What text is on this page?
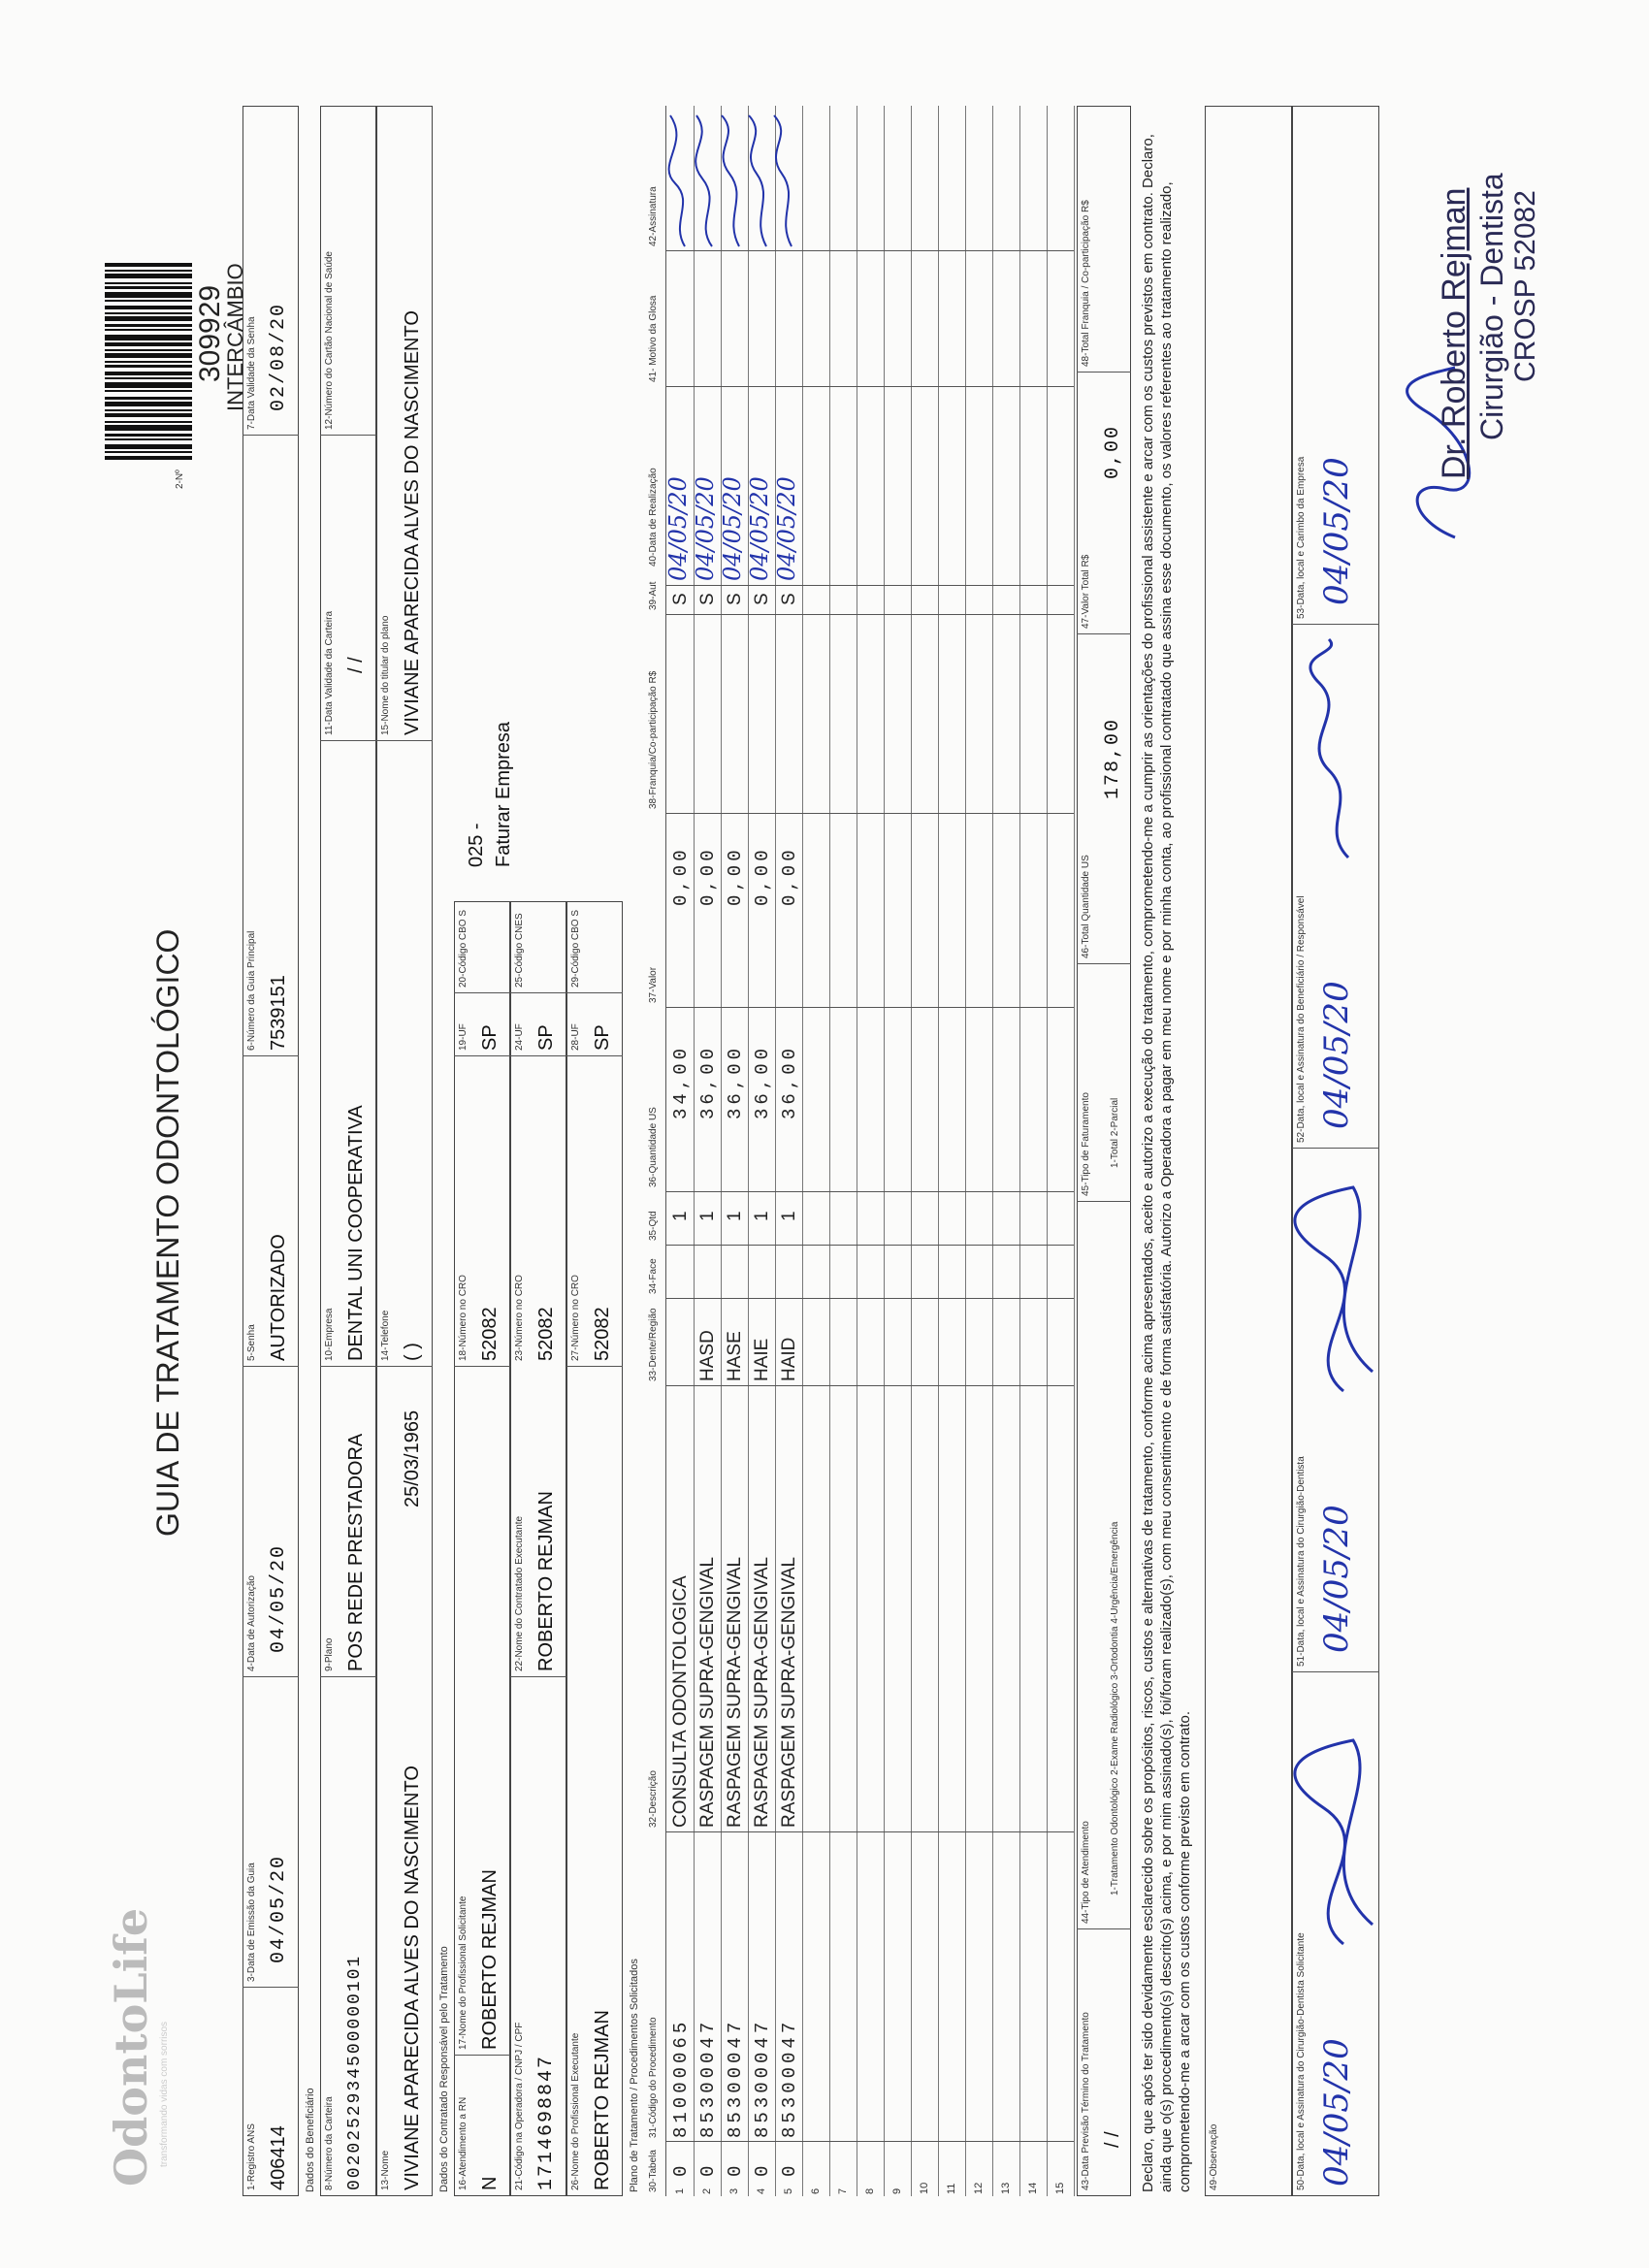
OdontoLife transformando vidas com sorrisos
GUIA DE TRATAMENTO ODONTOLÓGICO
2-Nº
309929
INTERCÂMBIO
1-Registro ANS 406414
3-Data de Emissão da Guia 04/05/20
4-Data de Autorização 04/05/20
5-Senha AUTORIZADO
6-Número da Guia Principal 7539151
7-Data Validade da Senha 02/08/20
Dados do Beneficiário 8-Número da Carteira 0020252934500000101
9-Plano POS REDE PRESTADORA
10-Empresa DENTAL UNI COOPERATIVA
11-Data Validade da Carteira / /
12-Número do Cartão Nacional de Saúde
13-Nome VIVIANE APARECIDA ALVES DO NASCIMENTO
25/03/1965
14-Telefone ( )
15-Nome do titular do plano VIVIANE APARECIDA ALVES DO NASCIMENTO
Dados do Contratado Responsável pelo Tratamento 16-Atendimento a RN N
17-Nome do Profissional Solicitante ROBERTO REJMAN
18-Número no CRO 52082
19-UF SP
20-Código CBO S
025 - Faturar Empresa
21-Código na Operadora / CNPJ / CPF 1714698847
22-Nome do Contratado Executante ROBERTO REJMAN
23-Número no CRO 52082
24-UF SP
25-Código CNES
26-Nome do Profissional Executante ROBERTO REJMAN
27-Número no CRO 52082
28-UF SP
29-Código CBO S
Plano de Tratamento / Procedimentos Solicitados 30-Tabela
31-Código do Procedimento
32-Descrição
33-Dente/Região
34-Face
35-Qtd
36-Quantidade US
37-Valor
38-Franquia/Co-participação R$
39-Aut
40-Data de Realização
41- Motivo da Glosa
42-Assinatura
1
0
81000065
CONSULTA ODONTOLOGICA
1
34,00
0,00
S
04/05/20
2
0
85300047
RASPAGEM SUPRA-GENGIVAL
HASD
1
36,00
0,00
S
04/05/20
3
0
85300047
RASPAGEM SUPRA-GENGIVAL
HASE
1
36,00
0,00
S
04/05/20
4
0
85300047
RASPAGEM SUPRA-GENGIVAL
HAIE
1
36,00
0,00
S
04/05/20
5
0
85300047
RASPAGEM SUPRA-GENGIVAL
HAID
1
36,00
0,00
S
04/05/20
6 7 8 9 10 11 12 13 14 15 43-Data Previsão Término do Tratamento / /
44-Tipo de Atendimento 1-Tratamento Odontológico 2-Exame Radiológico 3-Ortodontia 4-Urgência/Emergência
45-Tipo de Faturamento 1-Total 2-Parcial
46-Total Quantidade US
178,00
47-Valor Total R$
0,00
48-Total Franquia / Co-participação R$	Declaro, que após ter sido devidamente esclarecido sobre os propósitos, riscos, custos e alternativas de tratamento, conforme acima apresentados, aceito e autorizo a execução do tratamento, comprometendo-me a cumprir as orientações do profissional assistente e arcar com os custos previstos em contrato. Declaro, ainda que o(s) procedimento(s) descrito(s) acima, e por mim assinado(s), foi/foram realizado(s), com meu consentimento e de forma satisfatória. Autorizo a Operadora a pagar em meu nome e por minha conta, ao profissional contratado que assina esse documento, os valores referentes ao tratamento realizado, comprometendo-me a arcar com os custos conforme previsto em contrato. 49-Observação	50-Data, local e Assinatura do Cirurgião-Dentista Solicitante 04/05/20
51-Data, local e Assinatura do Cirurgião-Dentista 04/05/20
52-Data, local e Assinatura do Beneficiário / Responsável 04/05/20
53-Data, local e Carimbo da Empresa 04/05/20
Dr. Roberto Rejman Cirurgião - Dentista CROSP 52082
